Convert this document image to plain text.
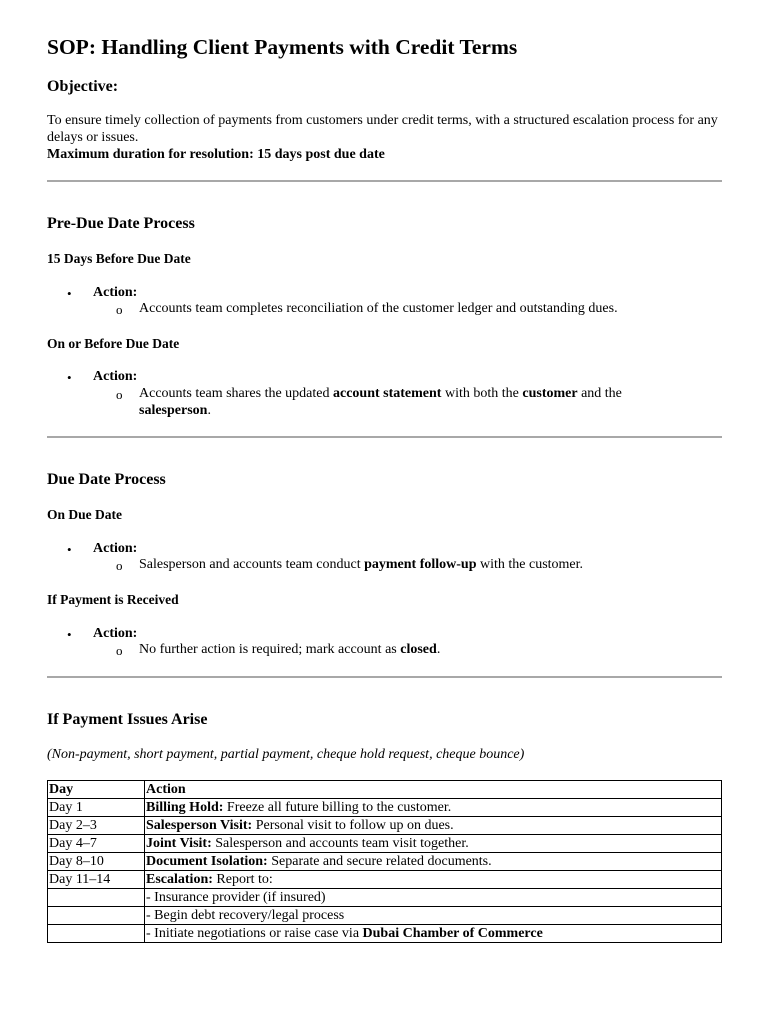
SOP: Handling Client Payments with Credit Terms
Objective:
To ensure timely collection of payments from customers under credit terms, with a structured escalation process for any delays or issues.
Maximum duration for resolution: 15 days post due date
Pre-Due Date Process
15 Days Before Due Date
• Action:
o Accounts team completes reconciliation of the customer ledger and outstanding dues.
On or Before Due Date
• Action:
o Accounts team shares the updated account statement with both the customer and the
salesperson.
Due Date Process
On Due Date
• Action:
o Salesperson and accounts team conduct payment follow-up with the customer.
If Payment is Received
• Action:
o No further action is required; mark account as closed.
If Payment Issues Arise
(Non-payment, short payment, partial payment, cheque hold request, cheque bounce)
Day	Action
Day 1	Billing Hold: Freeze all future billing to the customer.
Day 2–3	Salesperson Visit: Personal visit to follow up on dues.
Day 4–7	Joint Visit: Salesperson and accounts team visit together.
Day 8–10	Document Isolation: Separate and secure related documents.
Day 11–14	Escalation: Report to:
	- Insurance provider (if insured)
	- Begin debt recovery/legal process
	- Initiate negotiations or raise case via Dubai Chamber of Commerce
